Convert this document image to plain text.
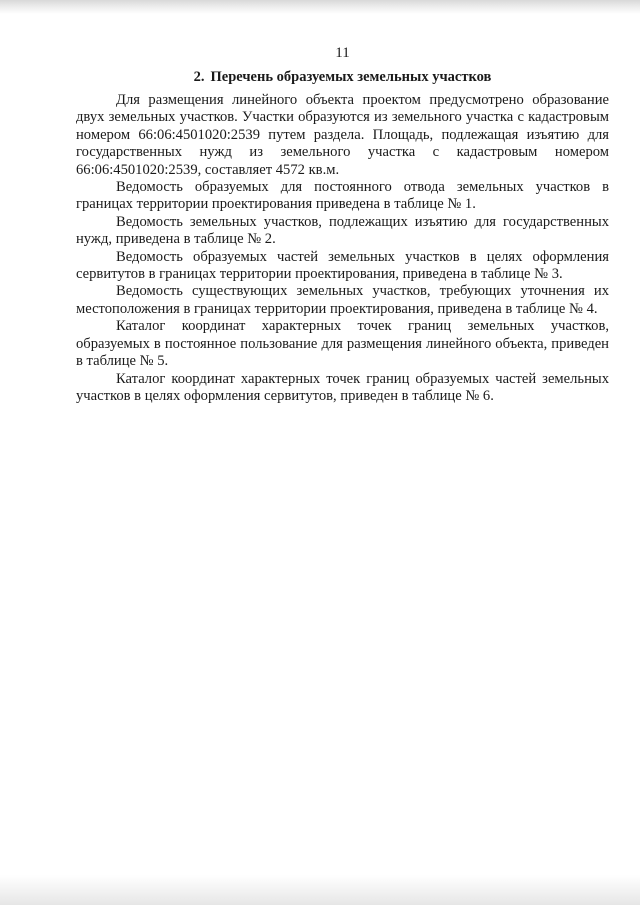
11
2. Перечень образуемых земельных участков

Для размещения линейного объекта проектом предусмотрено образование двух земельных участков. Участки образуются из земельного участка с кадастровым номером 66:06:4501020:2539 путем раздела. Площадь, подлежащая изъятию для государственных нужд из земельного участка с кадастровым номером 66:06:4501020:2539, составляет 4572 кв.м.

Ведомость образуемых для постоянного отвода земельных участков в границах территории проектирования приведена в таблице № 1.

Ведомость земельных участков, подлежащих изъятию для государственных нужд, приведена в таблице № 2.

Ведомость образуемых частей земельных участков в целях оформления сервитутов в границах территории проектирования, приведена в таблице № 3.

Ведомость существующих земельных участков, требующих уточнения их местоположения в границах территории проектирования, приведена в таблице № 4.

Каталог координат характерных точек границ земельных участков, образуемых в постоянное пользование для размещения линейного объекта, приведен в таблице № 5.

Каталог координат характерных точек границ образуемых частей земельных участков в целях оформления сервитутов, приведен в таблице № 6.
